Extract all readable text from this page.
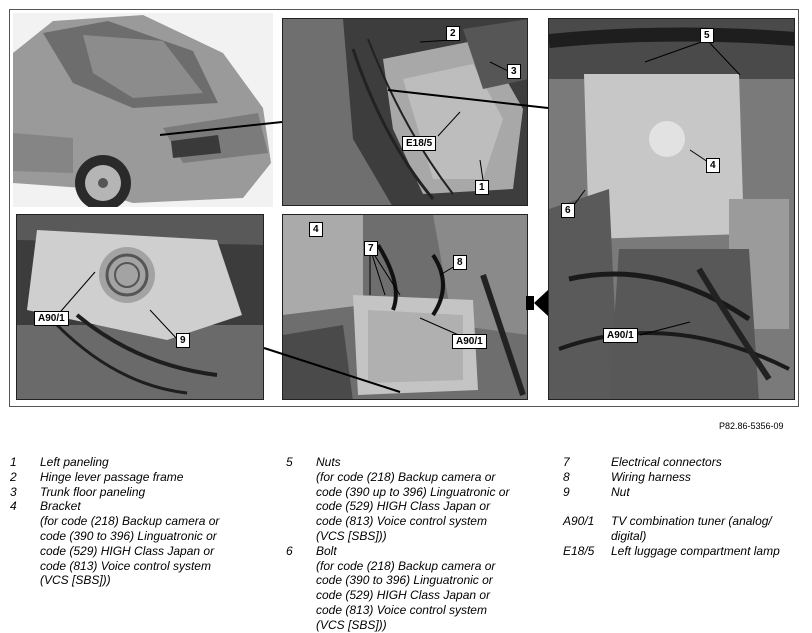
2
3
E18/5
1
5
4
6
A90/1
4
7
8
A90/1
A90/1
9
P82.86-5356-09
1	Left paneling
2	Hinge lever passage frame
3	Trunk floor paneling
4	Bracket
(for code (218) Backup camera or
code (390 to 396) Linguatronic or
code (529) HIGH Class Japan or
code (813) Voice control system
(VCS [SBS]))
5	Nuts
(for code (218) Backup camera or
code (390 up to 396) Linguatronic or
code (529) HIGH Class Japan or
code (813) Voice control system
(VCS [SBS]))
6	Bolt
(for code (218) Backup camera or
code (390 to 396) Linguatronic or
code (529) HIGH Class Japan or
code (813) Voice control system
(VCS [SBS]))
7	Electrical connectors
8	Wiring harness
9	Nut
A90/1	TV combination tuner (analog/
digital)
E18/5	Left luggage compartment lamp
